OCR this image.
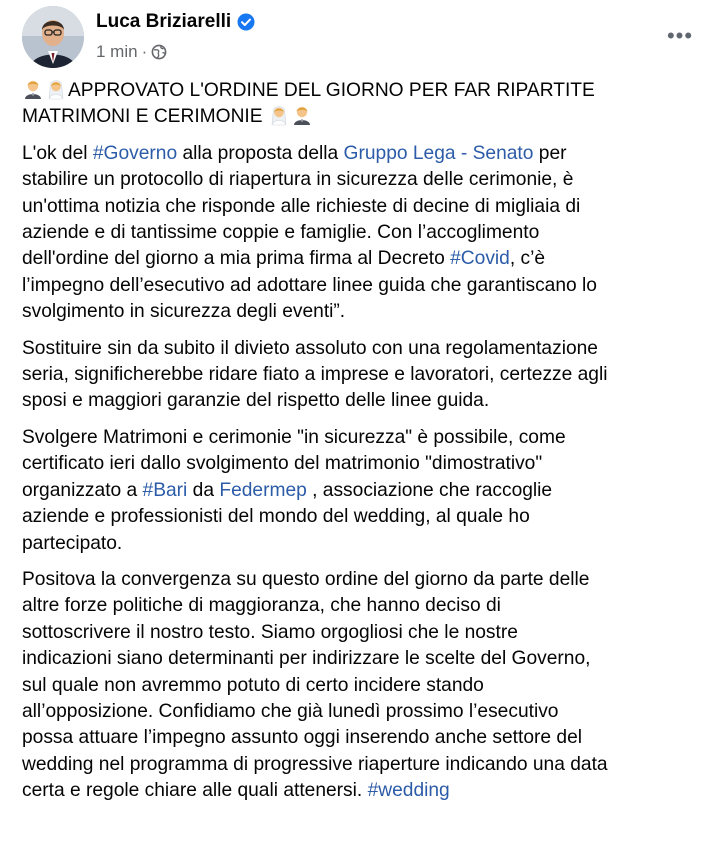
Luca Briziarelli
1 min ·
•••

APPROVATO L'ORDINE DEL GIORNO PER FAR RIPARTITE
MATRIMONI E CERIMONIE

L'ok del #Governo alla proposta della Gruppo Lega - Senato per
stabilire un protocollo di riapertura in sicurezza delle cerimonie, è
un'ottima notizia che risponde alle richieste di decine di migliaia di
aziende e di tantissime coppie e famiglie. Con l’accoglimento
dell'ordine del giorno a mia prima firma al Decreto #Covid, c’è
l’impegno dell’esecutivo ad adottare linee guida che garantiscano lo
svolgimento in sicurezza degli eventi”.

Sostituire sin da subito il divieto assoluto con una regolamentazione
seria, significherebbe ridare fiato a imprese e lavoratori, certezze agli
sposi e maggiori garanzie del rispetto delle linee guida.

Svolgere Matrimoni e cerimonie "in sicurezza" è possibile, come
certificato ieri dallo svolgimento del matrimonio "dimostrativo"
organizzato a #Bari da Federmep , associazione che raccoglie
aziende e professionisti del mondo del wedding, al quale ho
partecipato.

Positova la convergenza su questo ordine del giorno da parte delle
altre forze politiche di maggioranza, che hanno deciso di
sottoscrivere il nostro testo. Siamo orgogliosi che le nostre
indicazioni siano determinanti per indirizzare le scelte del Governo,
sul quale non avremmo potuto di certo incidere stando
all’opposizione. Confidiamo che già lunedì prossimo l’esecutivo
possa attuare l’impegno assunto oggi inserendo anche settore del
wedding nel programma di progressive riaperture indicando una data
certa e regole chiare alle quali attenersi. #wedding
